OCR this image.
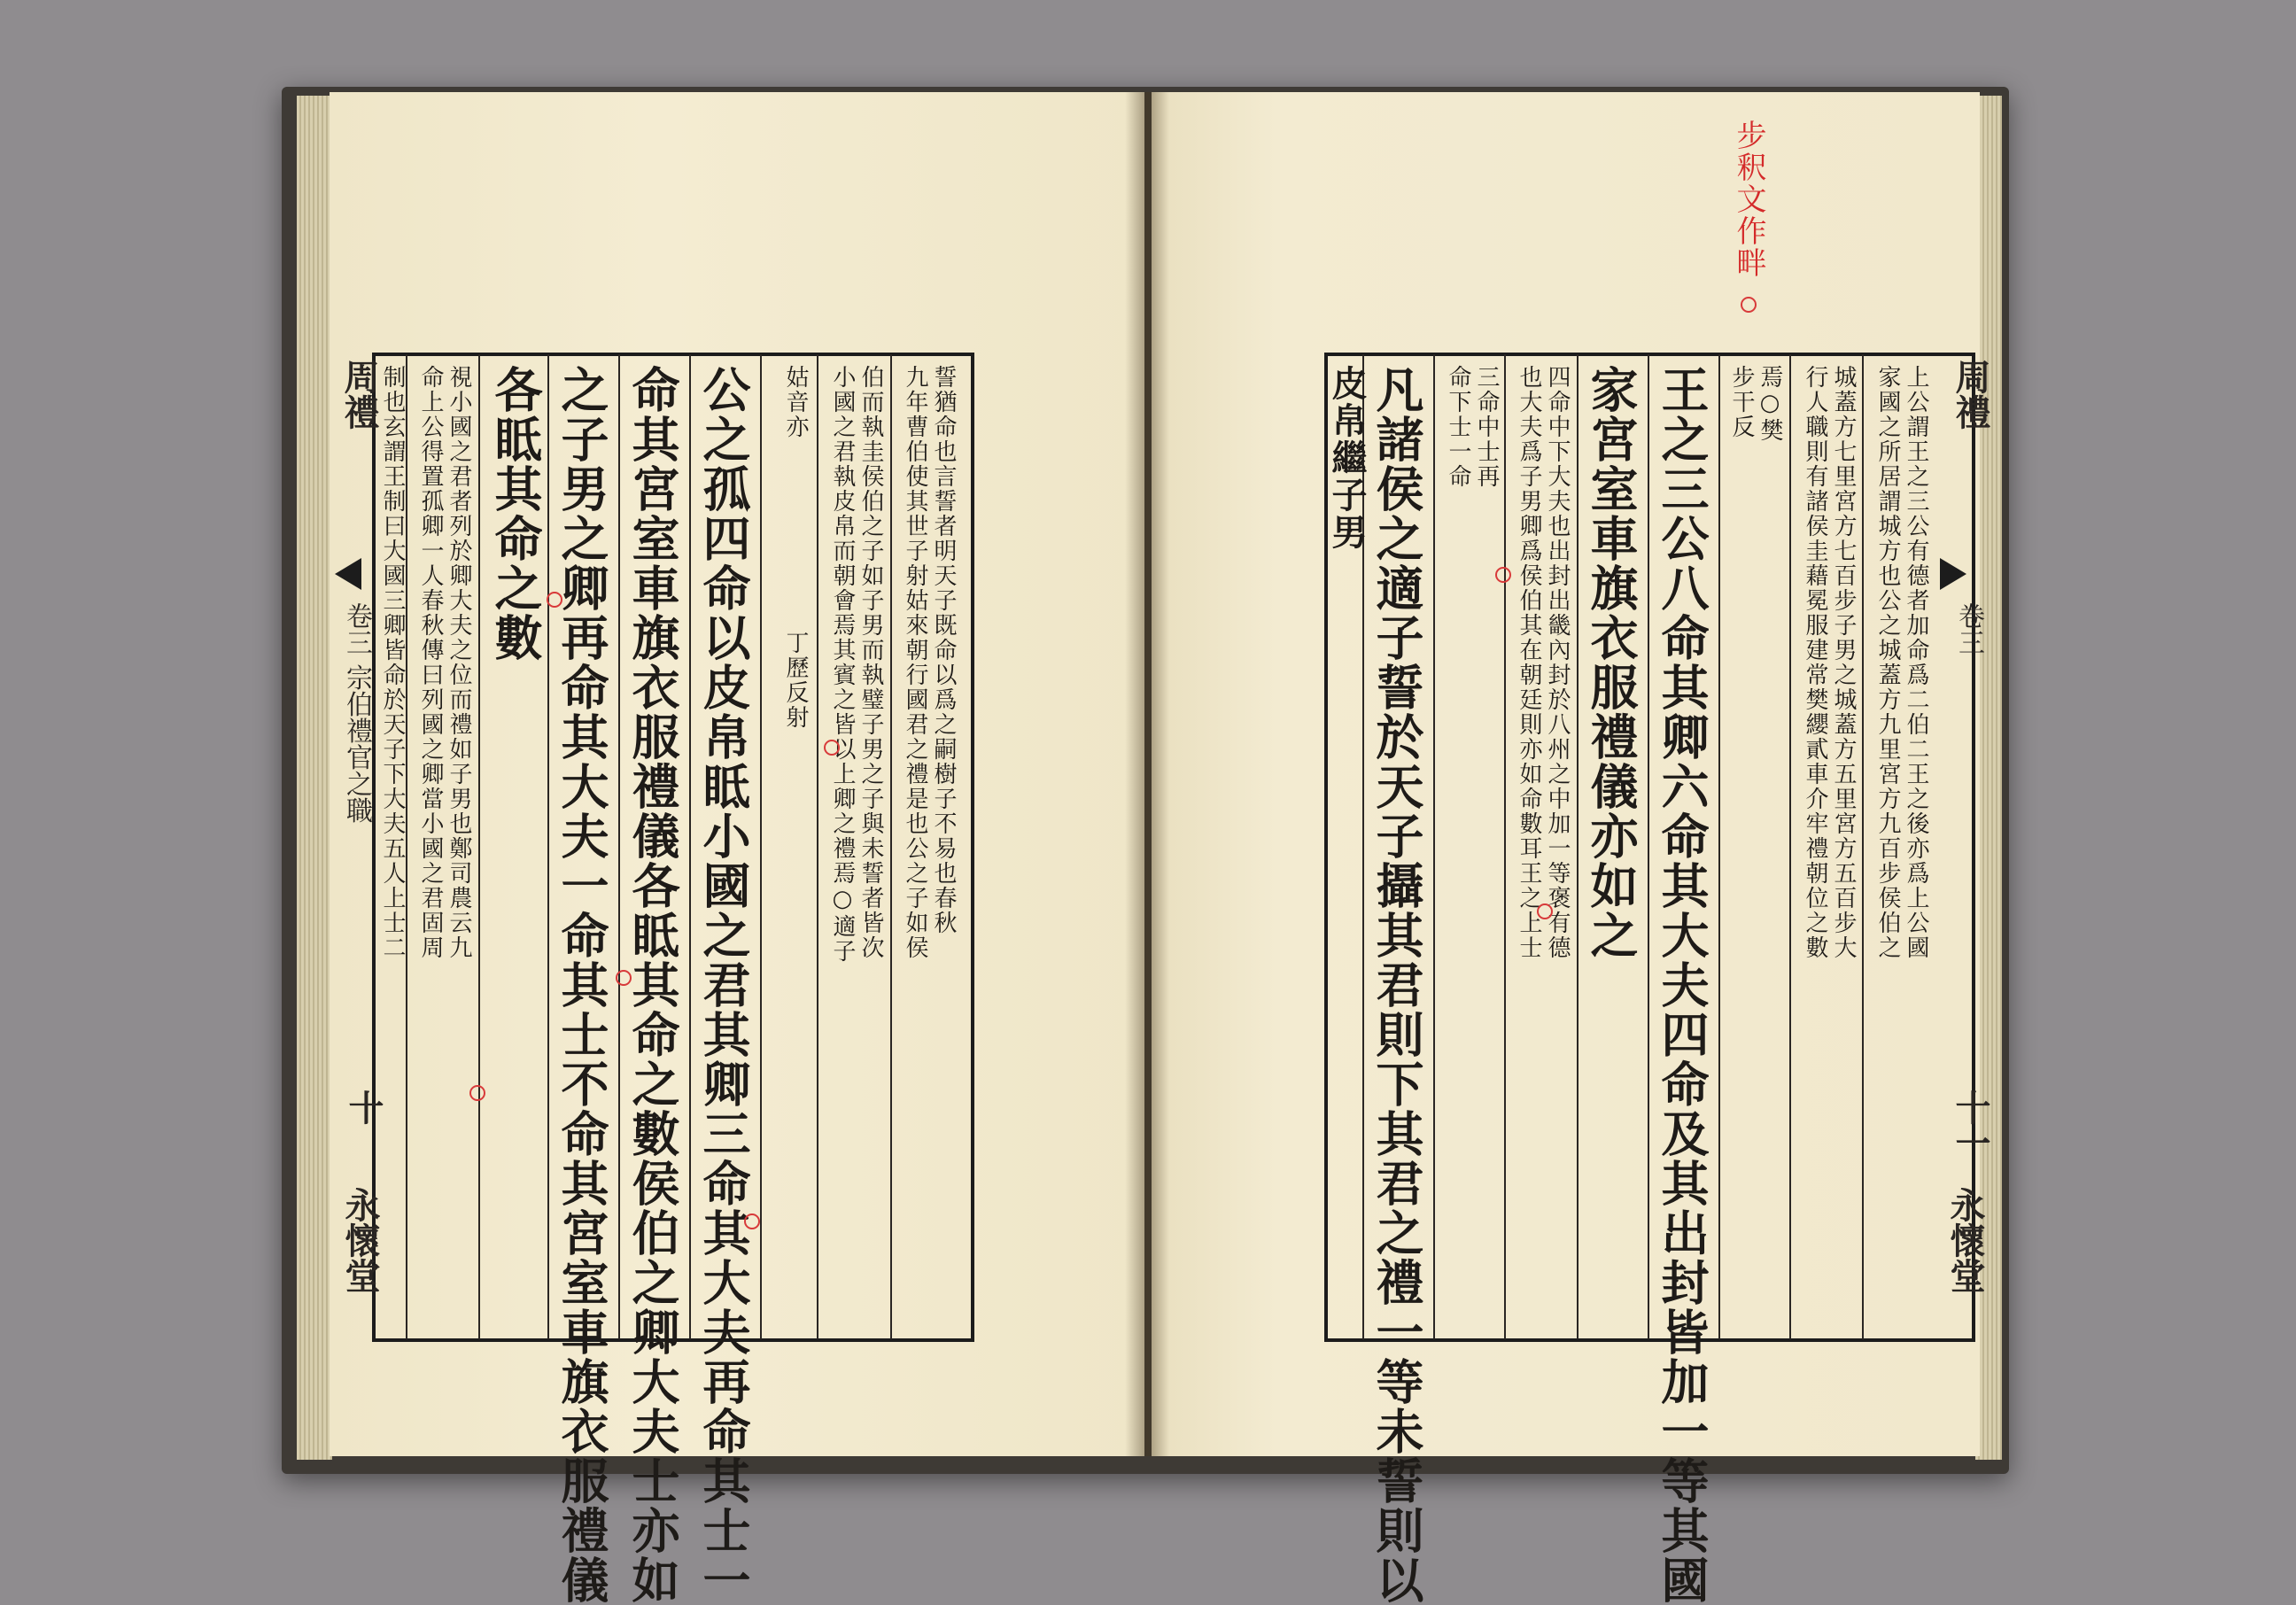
周禮
卷三 宗伯禮官之職
十
永懷堂
誓猶命也言誓者明天子既命以爲之嗣樹子不易也春秋
九年曹伯使其世子射姑來朝行國君之禮是也公之子如侯
伯而執圭侯伯之子如子男而執璧子男之子與未誓者皆次
小國之君執皮帛而朝會焉其賓之皆以上卿之禮焉○適子
姑音亦
丁歷反射
公之孤四命以皮帛眡小國之君其卿三命其大夫再命其士一
命其宮室車旗衣服禮儀各眡其命之數侯伯之卿大夫士亦如
之子男之卿再命其大夫一命其士不命其宮室車旗衣服禮儀
各眡其命之數
視小國之君者列於卿大夫之位而禮如子男也鄭司農云九
命上公得置孤卿一人春秋傳曰列國之卿當小國之君固周
制也玄謂王制曰大國三卿皆命於天子下大夫五人上士二
步釈文作畔
周禮
卷三
十一
永懷堂
上公謂王之三公有德者加命爲二伯二王之後亦爲上公國
家國之所居謂城方也公之城蓋方九里宮方九百步侯伯之
城蓋方七里宮方七百步子男之城蓋方五里宮方五百步大
行人職則有諸侯圭藉冕服建常樊纓貳車介牢禮朝位之數
焉○樊
步干反
王之三公八命其卿六命其大夫四命及其出封皆加一等其國
家宮室車旗衣服禮儀亦如之
四命中下大夫也出封出畿內封於八州之中加一等褒有德
也大夫爲子男卿爲侯伯其在朝廷則亦如命數耳王之上士
三命中士再
命下士一命
凡諸侯之適子誓於天子攝其君則下其君之禮一等未誓則以
皮帛繼子男
